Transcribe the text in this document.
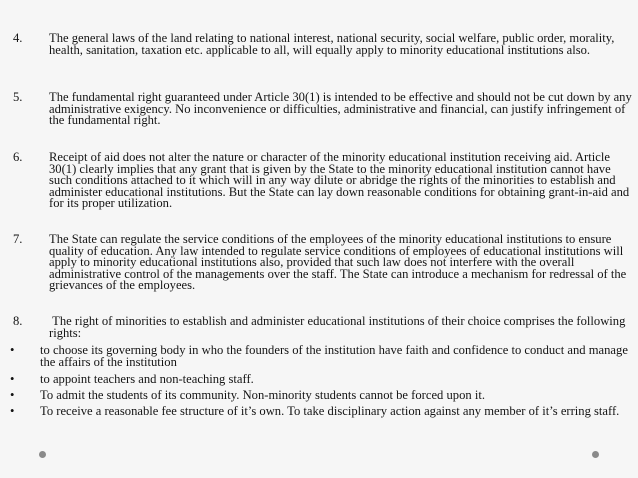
4. The general laws of the land relating to national interest, national security, social welfare, public order, morality, health, sanitation, taxation etc. applicable to all, will equally apply to minority educational institutions also.
5. The fundamental right guaranteed under Article 30(1) is intended to be effective and should not be cut down by any administrative exigency. No inconvenience or difficulties, administrative and financial, can justify infringement of the fundamental right.
6. Receipt of aid does not alter the nature or character of the minority educational institution receiving aid. Article 30(1) clearly implies that any grant that is given by the State to the minority educational institution cannot have such conditions attached to it which will in any way dilute or abridge the rights of the minorities to establish and administer educational institutions. But the State can lay down reasonable conditions for obtaining grant-in-aid and for its proper utilization.
7. The State can regulate the service conditions of the employees of the minority educational institutions to ensure quality of education. Any law intended to regulate service conditions of employees of educational institutions will apply to minority educational institutions also, provided that such law does not interfere with the overall administrative control of the managements over the staff. The State can introduce a mechanism for redressal of the grievances of the employees.
8. The right of minorities to establish and administer educational institutions of their choice comprises the following rights:
• to choose its governing body in who the founders of the institution have faith and confidence to conduct and manage the affairs of the institution
• to appoint teachers and non-teaching staff.
• To admit the students of its community. Non-minority students cannot be forced upon it.
• To receive a reasonable fee structure of it’s own. To take disciplinary action against any member of it’s erring staff.
